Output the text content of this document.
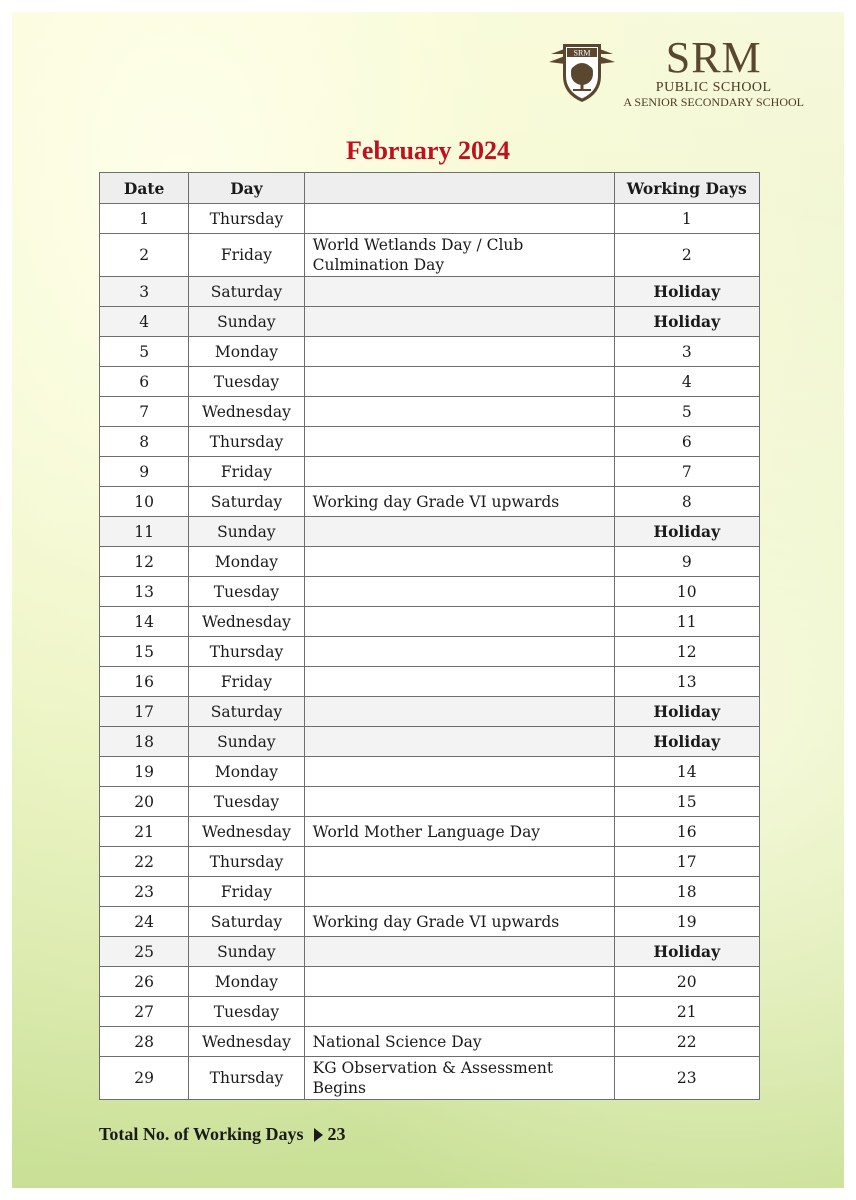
SRM	SRM
PUBLIC SCHOOL
A SENIOR SECONDARY SCHOOL
February 2024
Date	Day		Working Days
1	Thursday		1
2	Friday	World Wetlands Day / Club Culmination Day	2
3	Saturday		Holiday
4	Sunday		Holiday
5	Monday		3
6	Tuesday		4
7	Wednesday		5
8	Thursday		6
9	Friday		7
10	Saturday	Working day Grade VI upwards	8
11	Sunday		Holiday
12	Monday		9
13	Tuesday		10
14	Wednesday		11
15	Thursday		12
16	Friday		13
17	Saturday		Holiday
18	Sunday		Holiday
19	Monday		14
20	Tuesday		15
21	Wednesday	World Mother Language Day	16
22	Thursday		17
23	Friday		18
24	Saturday	Working day Grade VI upwards	19
25	Sunday		Holiday
26	Monday		20
27	Tuesday		21
28	Wednesday	National Science Day	22
29	Thursday	KG Observation & Assessment Begins	23
Total No. of Working Days 23
